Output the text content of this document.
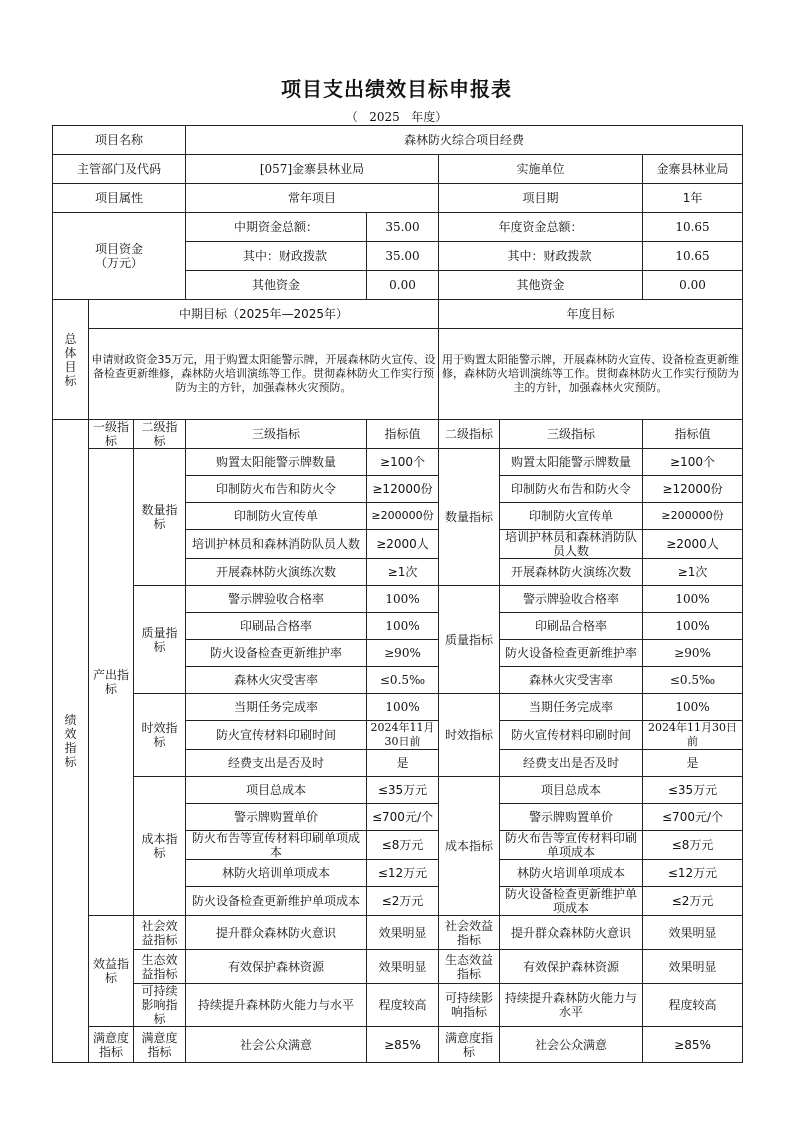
项目支出绩效目标申报表
（ 2025 年度）
项目名称			森林防火综合项目经费				
主管部门及代码			[057]金寨县林业局		实施单位		金寨县林业局
项目属性			常年项目		项目期		1年

项目资金
（万元）			中期资金总额：	35.00	年度资金总额：		10.65
			其中：财政拨款	35.00	其中：财政拨款		10.65
			其他资金	0.00	其他资金		0.00
总体目标	中期目标（2025年—2025年）				年度目标		
	申请财政资金35万元，用于购置太阳能警示牌，开展森林防火宣传、设备检查更新维修，森林防火培训演练等工作。贯彻森林防火工作实行预防为主的方针，加强森林火灾预防。				用于购置太阳能警示牌，开展森林防火宣传、设备检查更新维修，森林防火培训演练等工作。贯彻森林防火工作实行预防为主的方针，加强森林火灾预防。		
绩效指标	一级指标	二级指标	三级指标	指标值	二级指标	三级指标	指标值
	产出指标	数量指标	购置太阳能警示牌数量	≥100个	数量指标	购置太阳能警示牌数量	≥100个
			印制防火布告和防火令	≥12000份		印制防火布告和防火令	≥12000份
			印制防火宣传单	≥200000份		印制防火宣传单	≥200000份
			培训护林员和森林消防队员人数	≥2000人		培训护林员和森林消防队员人数	≥2000人
			开展森林防火演练次数	≥1次		开展森林防火演练次数	≥1次
		质量指标	警示牌验收合格率	100%	质量指标	警示牌验收合格率	100%
			印刷品合格率	100%		印刷品合格率	100%
			防火设备检查更新维护率	≥90%		防火设备检查更新维护率	≥90%
			森林火灾受害率	≤0.5‰		森林火灾受害率	≤0.5‰
		时效指标	当期任务完成率	100%	时效指标	当期任务完成率	100%
			防火宣传材料印刷时间	2024年11月30日前		防火宣传材料印刷时间	2024年11月30日前
			经费支出是否及时	是		经费支出是否及时	是
		成本指标	项目总成本	≤35万元	成本指标	项目总成本	≤35万元
			警示牌购置单价	≤700元/个		警示牌购置单价	≤700元/个
			防火布告等宣传材料印刷单项成本	≤8万元		防火布告等宣传材料印刷单项成本	≤8万元
			林防火培训单项成本	≤12万元		林防火培训单项成本	≤12万元
			防火设备检查更新维护单项成本	≤2万元		防火设备检查更新维护单项成本	≤2万元
	效益指标	社会效益指标	提升群众森林防火意识	效果明显	社会效益指标	提升群众森林防火意识	效果明显
		生态效益指标	有效保护森林资源	效果明显	生态效益指标	有效保护森林资源	效果明显
		可持续影响指标	持续提升森林防火能力与水平	程度较高	可持续影响指标	持续提升森林防火能力与水平	程度较高
	满意度指标	满意度指标	社会公众满意	≥85%	满意度指标	社会公众满意	≥85%
